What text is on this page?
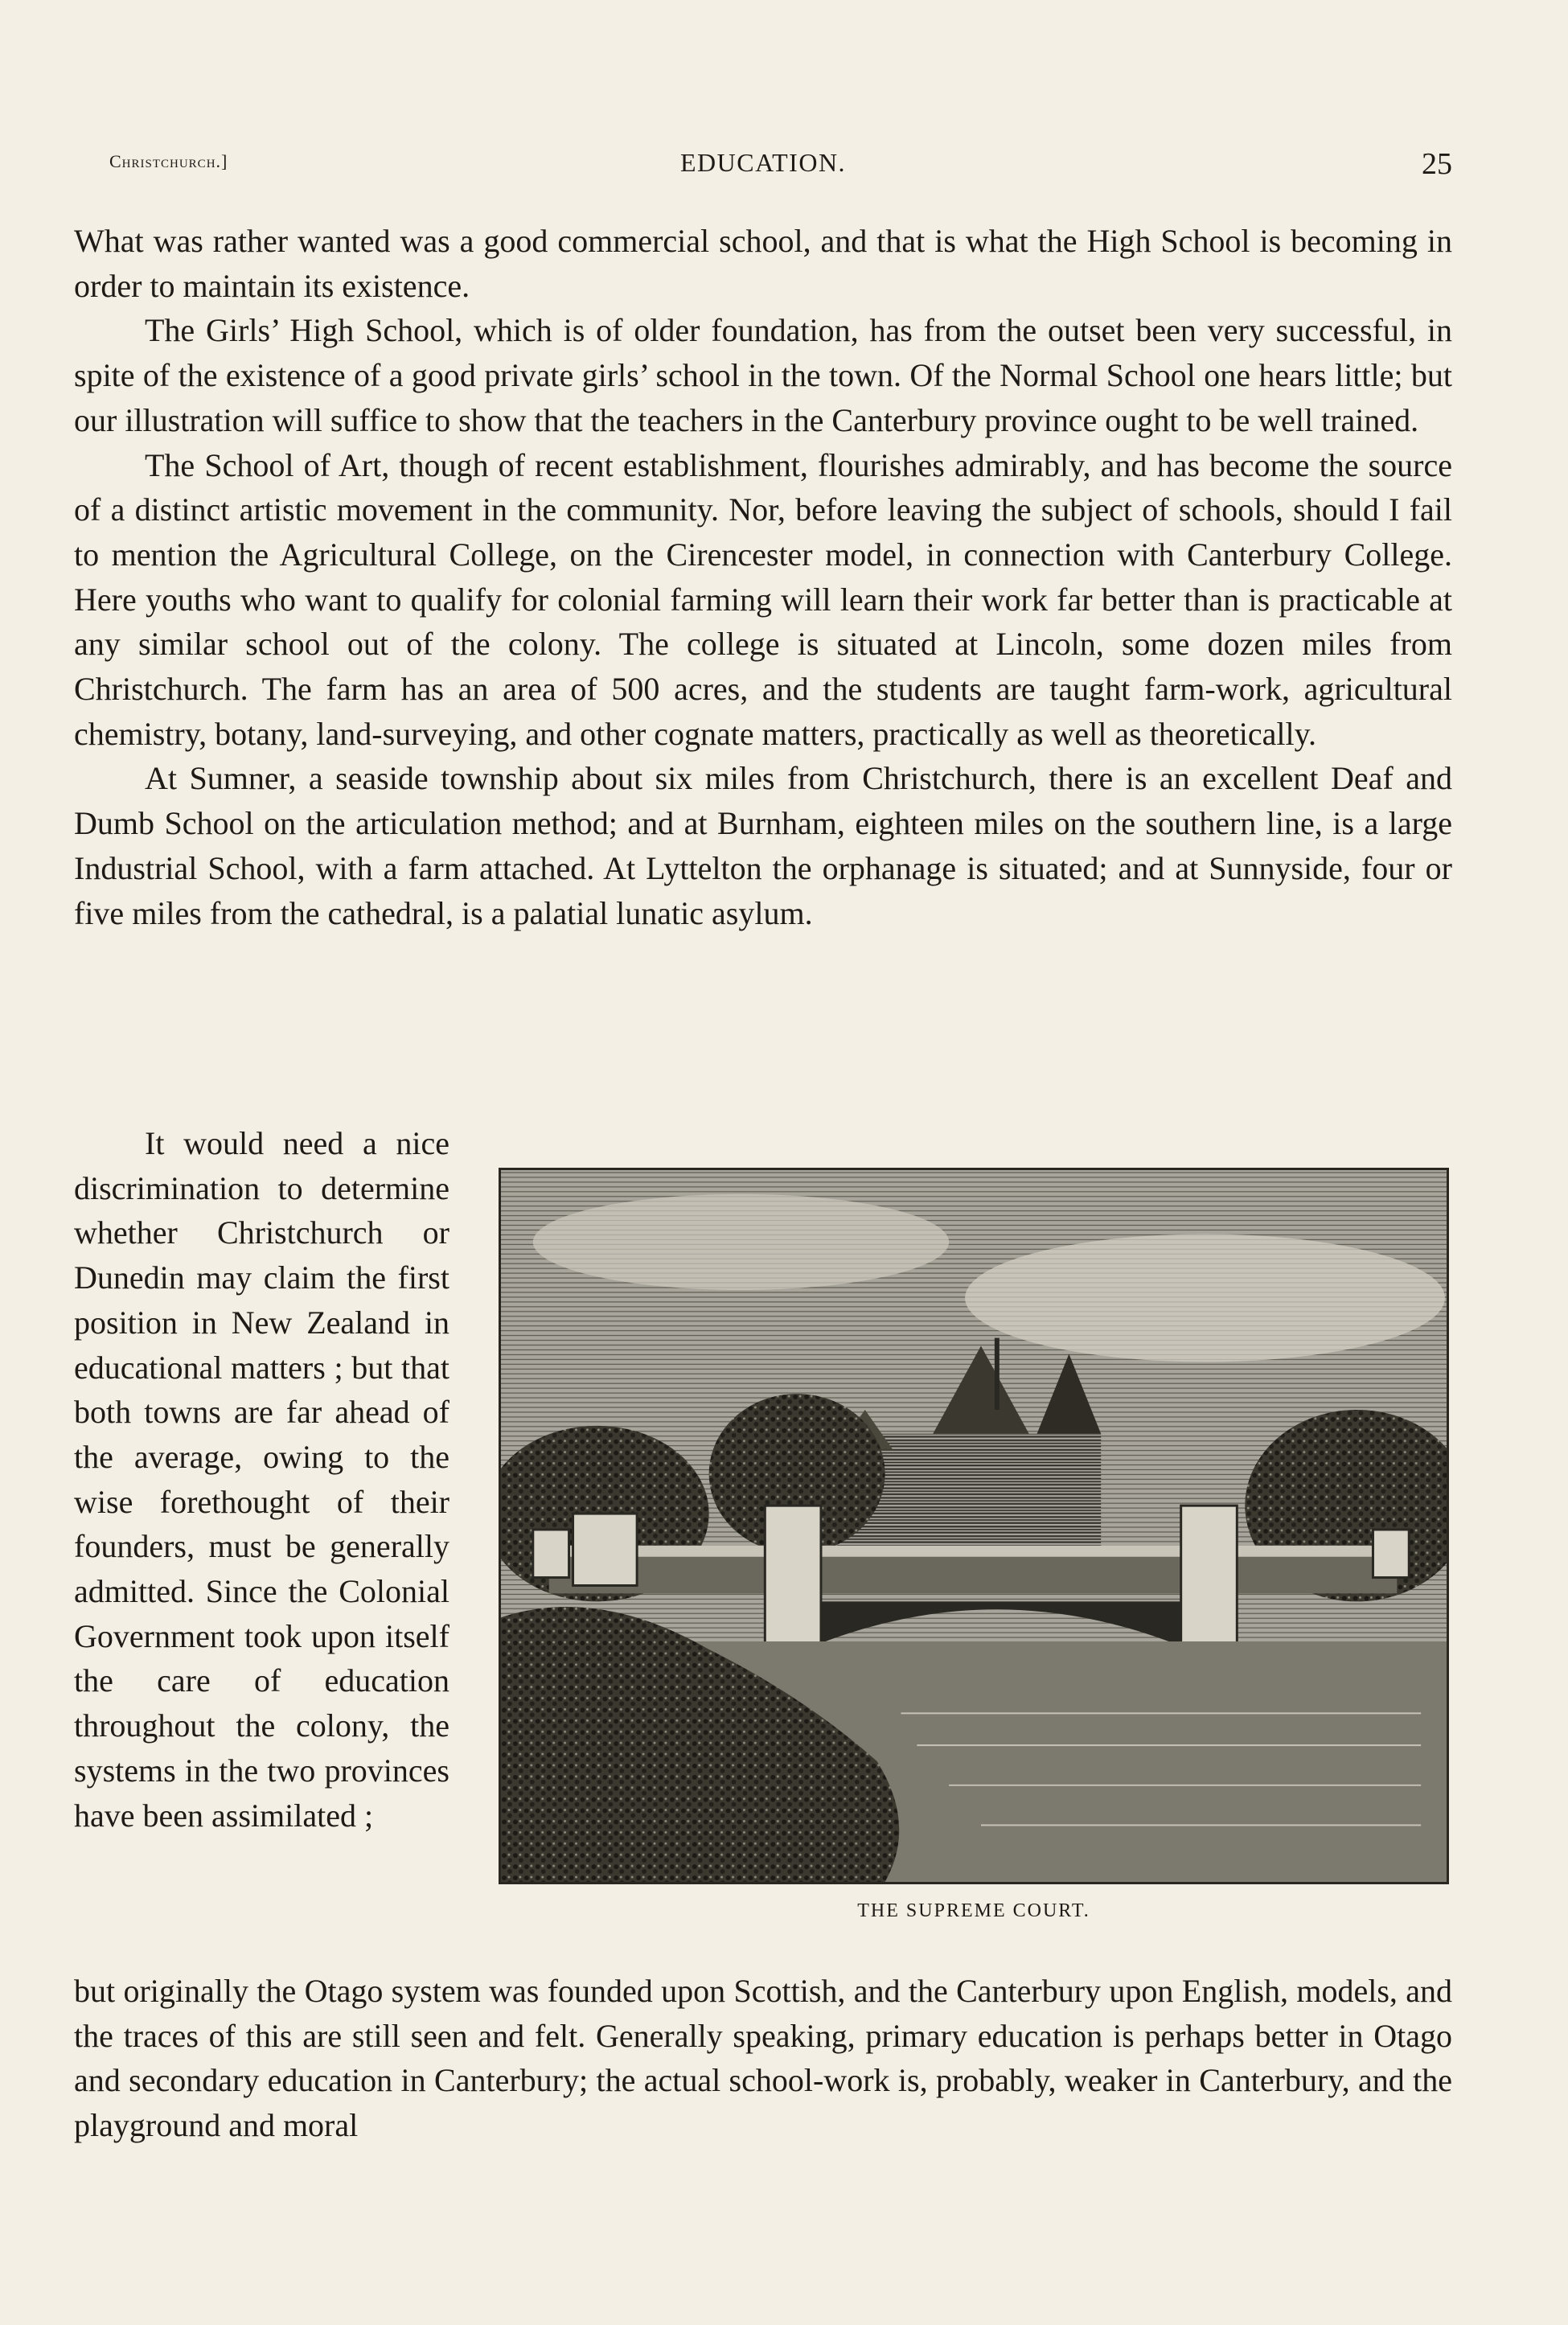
Christchurch.]	EDUCATION.	25

What was rather wanted was a good commercial school, and that is what the High School is becoming in order to maintain its existence.

The Girls’ High School, which is of older foundation, has from the outset been very successful, in spite of the existence of a good private girls’ school in the town. Of the Normal School one hears little; but our illustration will suffice to show that the teachers in the Canterbury province ought to be well trained.

The School of Art, though of recent establishment, flourishes admirably, and has become the source of a distinct artistic movement in the community. Nor, before leaving the subject of schools, should I fail to mention the Agricultural College, on the Cirencester model, in connection with Canterbury College. Here youths who want to qualify for colonial farming will learn their work far better than is practicable at any similar school out of the colony. The college is situated at Lincoln, some dozen miles from Christchurch. The farm has an area of 500 acres, and the students are taught farm-work, agricultural chemistry, botany, land-surveying, and other cognate matters, practically as well as theoretically.

At Sumner, a seaside township about six miles from Christchurch, there is an excellent Deaf and Dumb School on the articulation method; and at Burnham, eighteen miles on the southern line, is a large Industrial School, with a farm attached. At Lyttelton the orphanage is situated; and at Sunnyside, four or five miles from the cathedral, is a palatial lunatic asylum.

It would need a nice discrimination to determine whether Christchurch or Dunedin may claim the first position in New Zealand in educational matters ; but that both towns are far ahead of the average, owing to the wise forethought of their founders, must be generally admitted. Since the Colonial Government took upon itself the care of education throughout the colony, the systems in the two provinces have been assimilated ;

THE SUPREME COURT.

but originally the Otago system was founded upon Scottish, and the Canterbury upon English, models, and the traces of this are still seen and felt. Generally speaking, primary education is perhaps better in Otago and secondary education in Canterbury; the actual school-work is, probably, weaker in Canterbury, and the playground and moral
